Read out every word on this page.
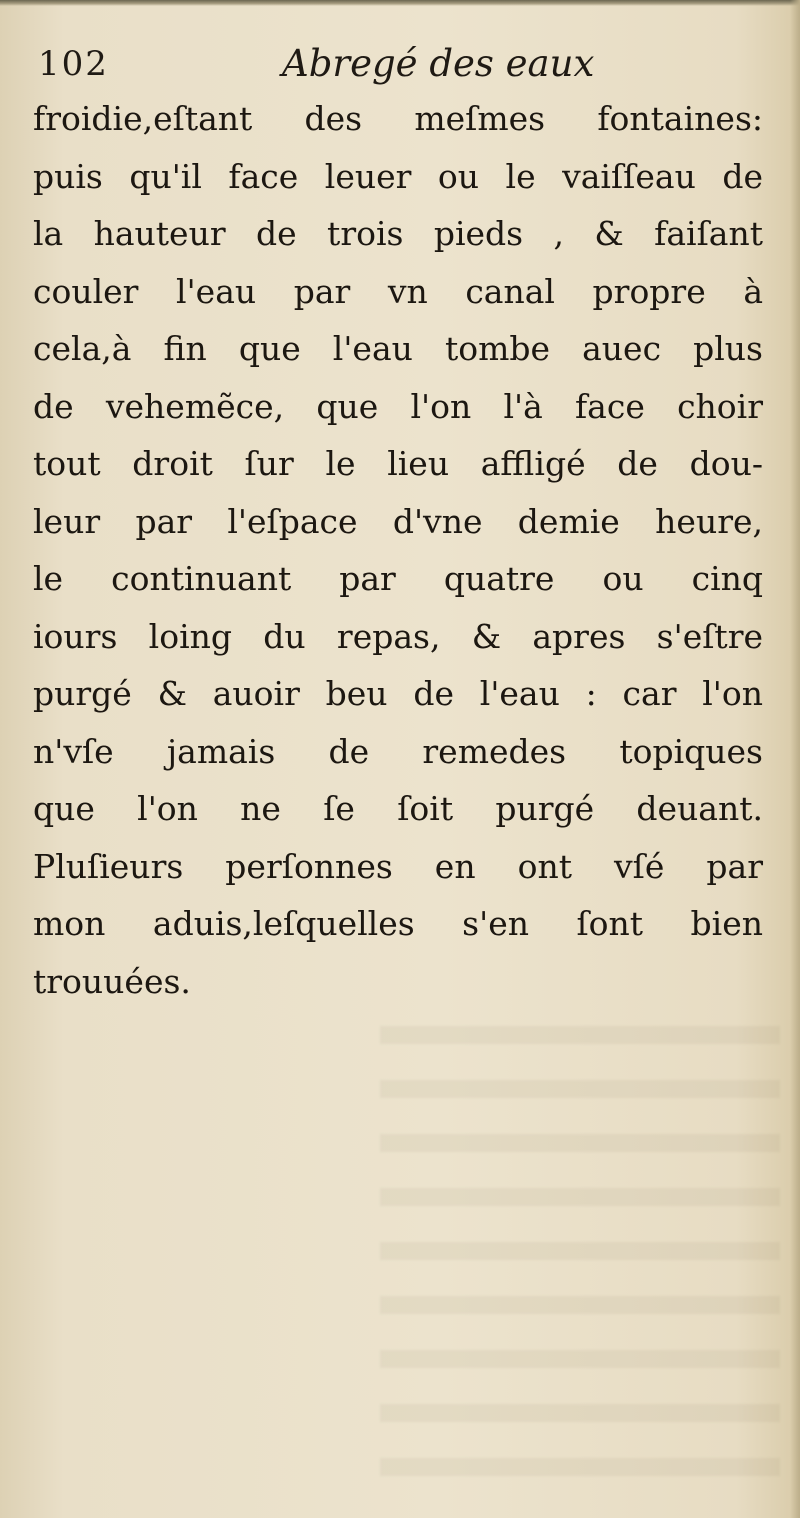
102	Abregé des eaux
froidie,eſtant des meſmes fontaines:
puis qu'il face leuer ou le vaiſſeau de
la hauteur de trois pieds , & faiſant
couler l'eau par vn canal propre à
cela,à fin que l'eau tombe auec plus
de vehemẽce, que l'on l'à face choir
tout droit ſur le lieu affligé de dou-
leur par l'eſpace d'vne demie heure,
le continuant par quatre ou cinq
iours loing du repas, & apres s'eſtre
purgé & auoir beu de l'eau : car l'on
n'vſe jamais de remedes topiques
que l'on ne ſe ſoit purgé deuant.
Pluſieurs perſonnes en ont vſé par
mon aduis,leſquelles s'en ſont bien
trouuées.
